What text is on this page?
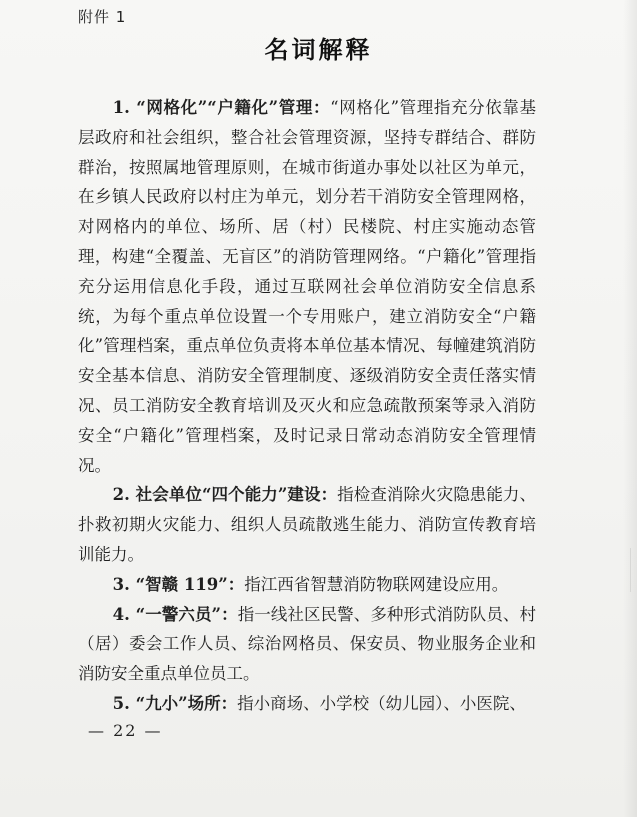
附件 1
名词解释

1. “网格化”“户籍化”管理：“网格化”管理指充分依靠基层政府和社会组织，整合社会管理资源，坚持专群结合、群防群治，按照属地管理原则，在城市街道办事处以社区为单元，在乡镇人民政府以村庄为单元，划分若干消防安全管理网格，对网格内的单位、场所、居（村）民楼院、村庄实施动态管理，构建“全覆盖、无盲区”的消防管理网络。“户籍化”管理指充分运用信息化手段，通过互联网社会单位消防安全信息系统，为每个重点单位设置一个专用账户，建立消防安全“户籍化”管理档案，重点单位负责将本单位基本情况、每幢建筑消防安全基本信息、消防安全管理制度、逐级消防安全责任落实情况、员工消防安全教育培训及灭火和应急疏散预案等录入消防安全“户籍化”管理档案，及时记录日常动态消防安全管理情况。

2. 社会单位“四个能力”建设：指检查消除火灾隐患能力、扑救初期火灾能力、组织人员疏散逃生能力、消防宣传教育培训能力。

3. “智赣 119”：指江西省智慧消防物联网建设应用。

4. “一警六员”：指一线社区民警、多种形式消防队员、村（居）委会工作人员、综治网格员、保安员、物业服务企业和消防安全重点单位员工。

5. “九小”场所：指小商场、小学校（幼儿园）、小医院、

— 22 —
